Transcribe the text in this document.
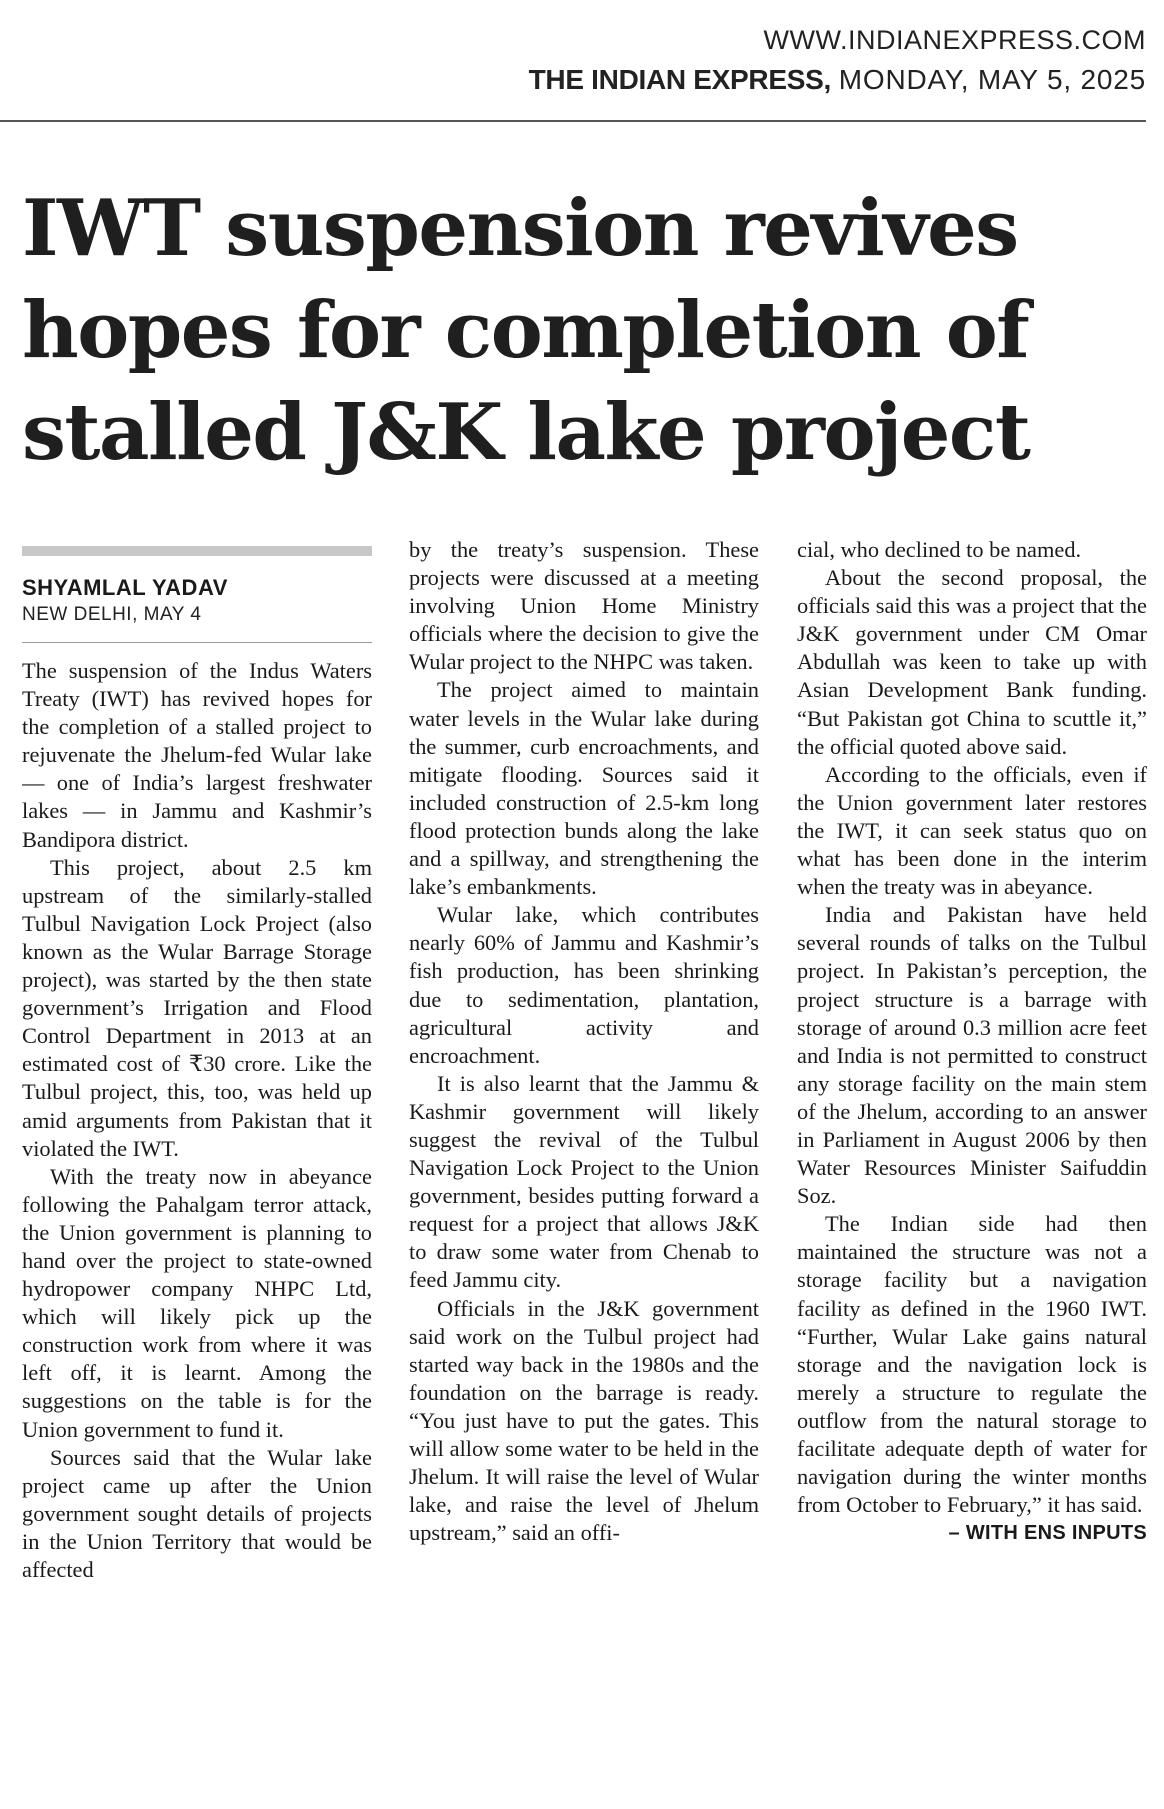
WWW.INDIANEXPRESS.COM
THE INDIAN EXPRESS, MONDAY, MAY 5, 2025
IWT suspension revives hopes for completion of stalled J&K lake project
SHYAMLAL YADAV
NEW DELHI, MAY 4

The suspension of the Indus Waters Treaty (IWT) has revived hopes for the completion of a stalled project to rejuvenate the Jhelum-fed Wular lake — one of India’s largest freshwater lakes — in Jammu and Kashmir’s Bandipora district.

This project, about 2.5 km upstream of the similarly-stalled Tulbul Navigation Lock Project (also known as the Wular Barrage Storage project), was started by the then state government’s Irrigation and Flood Control Department in 2013 at an estimated cost of ₹30 crore. Like the Tulbul project, this, too, was held up amid arguments from Pakistan that it violated the IWT.

With the treaty now in abeyance following the Pahalgam terror attack, the Union government is planning to hand over the project to state-owned hydropower company NHPC Ltd, which will likely pick up the construction work from where it was left off, it is learnt. Among the suggestions on the table is for the Union government to fund it.

Sources said that the Wular lake project came up after the Union government sought details of projects in the Union Territory that would be affected

by the treaty’s suspension. These projects were discussed at a meeting involving Union Home Ministry officials where the decision to give the Wular project to the NHPC was taken.

The project aimed to maintain water levels in the Wular lake during the summer, curb encroachments, and mitigate flooding. Sources said it included construction of 2.5-km long flood protection bunds along the lake and a spillway, and strengthening the lake’s embankments.

Wular lake, which contributes nearly 60% of Jammu and Kashmir’s fish production, has been shrinking due to sedimentation, plantation, agricultural activity and encroachment.

It is also learnt that the Jammu & Kashmir government will likely suggest the revival of the Tulbul Navigation Lock Project to the Union government, besides putting forward a request for a project that allows J&K to draw some water from Chenab to feed Jammu city.

Officials in the J&K government said work on the Tulbul project had started way back in the 1980s and the foundation on the barrage is ready. “You just have to put the gates. This will allow some water to be held in the Jhelum. It will raise the level of Wular lake, and raise the level of Jhelum upstream,” said an offi-

cial, who declined to be named.

About the second proposal, the officials said this was a project that the J&K government under CM Omar Abdullah was keen to take up with Asian Development Bank funding. “But Pakistan got China to scuttle it,” the official quoted above said.

According to the officials, even if the Union government later restores the IWT, it can seek status quo on what has been done in the interim when the treaty was in abeyance.

India and Pakistan have held several rounds of talks on the Tulbul project. In Pakistan’s perception, the project structure is a barrage with storage of around 0.3 million acre feet and India is not permitted to construct any storage facility on the main stem of the Jhelum, according to an answer in Parliament in August 2006 by then Water Resources Minister Saifuddin Soz.

The Indian side had then maintained the structure was not a storage facility but a navigation facility as defined in the 1960 IWT. “Further, Wular Lake gains natural storage and the navigation lock is merely a structure to regulate the outflow from the natural storage to facilitate adequate depth of water for navigation during the winter months from October to February,” it has said.

– WITH ENS INPUTS
